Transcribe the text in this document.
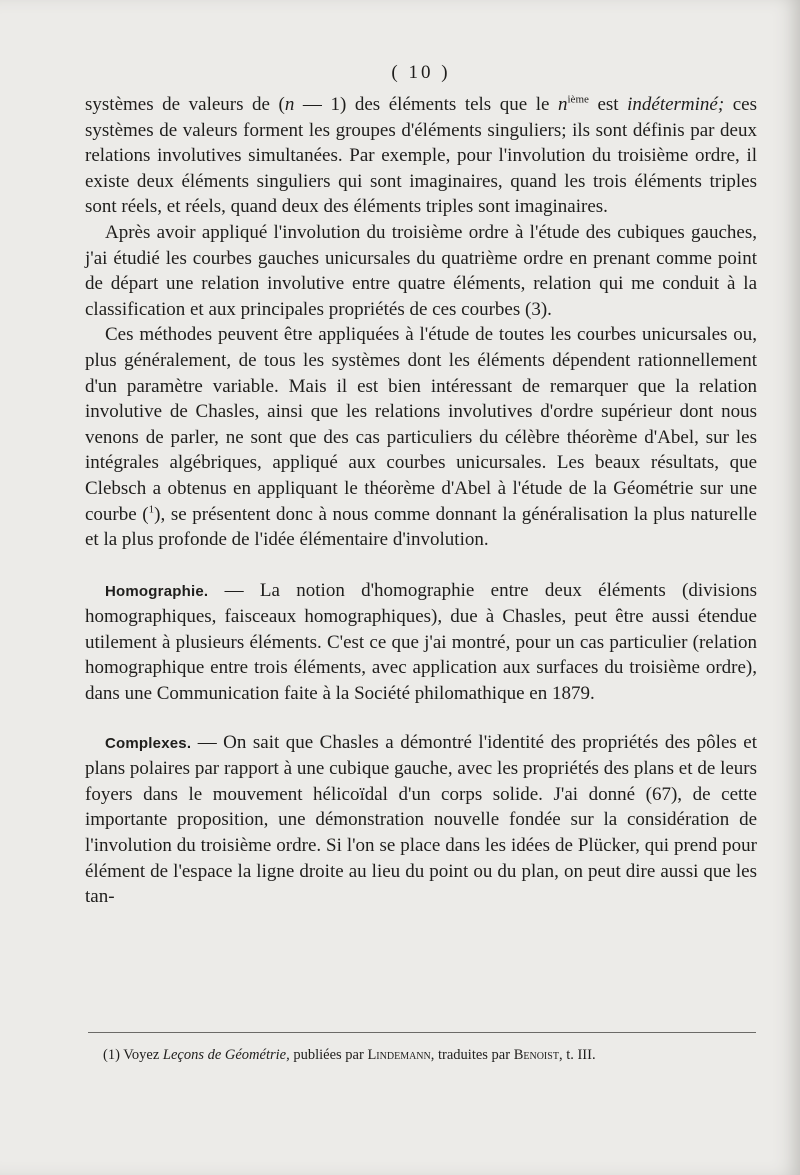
( 10 )

systèmes de valeurs de (n — 1) des éléments tels que le $n^{ième}$ est indéterminé; ces systèmes de valeurs forment les groupes d'éléments singuliers; ils sont définis par deux relations involutives simultanées. Par exemple, pour l'involution du troisième ordre, il existe deux éléments singuliers qui sont imaginaires, quand les trois éléments triples sont réels, et réels, quand deux des éléments triples sont imaginaires.

Après avoir appliqué l'involution du troisième ordre à l'étude des cubiques gauches, j'ai étudié les courbes gauches unicursales du quatrième ordre en prenant comme point de départ une relation involutive entre quatre éléments, relation qui me conduit à la classification et aux principales propriétés de ces courbes (3).

Ces méthodes peuvent être appliquées à l'étude de toutes les courbes unicursales ou, plus généralement, de tous les systèmes dont les éléments dépendent rationnellement d'un paramètre variable. Mais il est bien intéressant de remarquer que la relation involutive de Chasles, ainsi que les relations involutives d'ordre supérieur dont nous venons de parler, ne sont que des cas particuliers du célèbre théorème d'Abel, sur les intégrales algébriques, appliqué aux courbes unicursales. Les beaux résultats, que Clebsch a obtenus en appliquant le théorème d'Abel à l'étude de la Géométrie sur une courbe ($^1$), se présentent donc à nous comme donnant la généralisation la plus naturelle et la plus profonde de l'idée élémentaire d'involution.

Homographie. — La notion d'homographie entre deux éléments (divisions homographiques, faisceaux homographiques), due à Chasles, peut être aussi étendue utilement à plusieurs éléments. C'est ce que j'ai montré, pour un cas particulier (relation homographique entre trois éléments, avec application aux surfaces du troisième ordre), dans une Communication faite à la Société philomathique en 1879.

Complexes. — On sait que Chasles a démontré l'identité des propriétés des pôles et plans polaires par rapport à une cubique gauche, avec les propriétés des plans et de leurs foyers dans le mouvement hélicoïdal d'un corps solide. J'ai donné (67), de cette importante proposition, une démonstration nouvelle fondée sur la considération de l'involution du troisième ordre. Si l'on se place dans les idées de Plücker, qui prend pour élément de l'espace la ligne droite au lieu du point ou du plan, on peut dire aussi que les tan-

(1) Voyez Leçons de Géométrie, publiées par Lindemann, traduites par Benoist, t. III.
